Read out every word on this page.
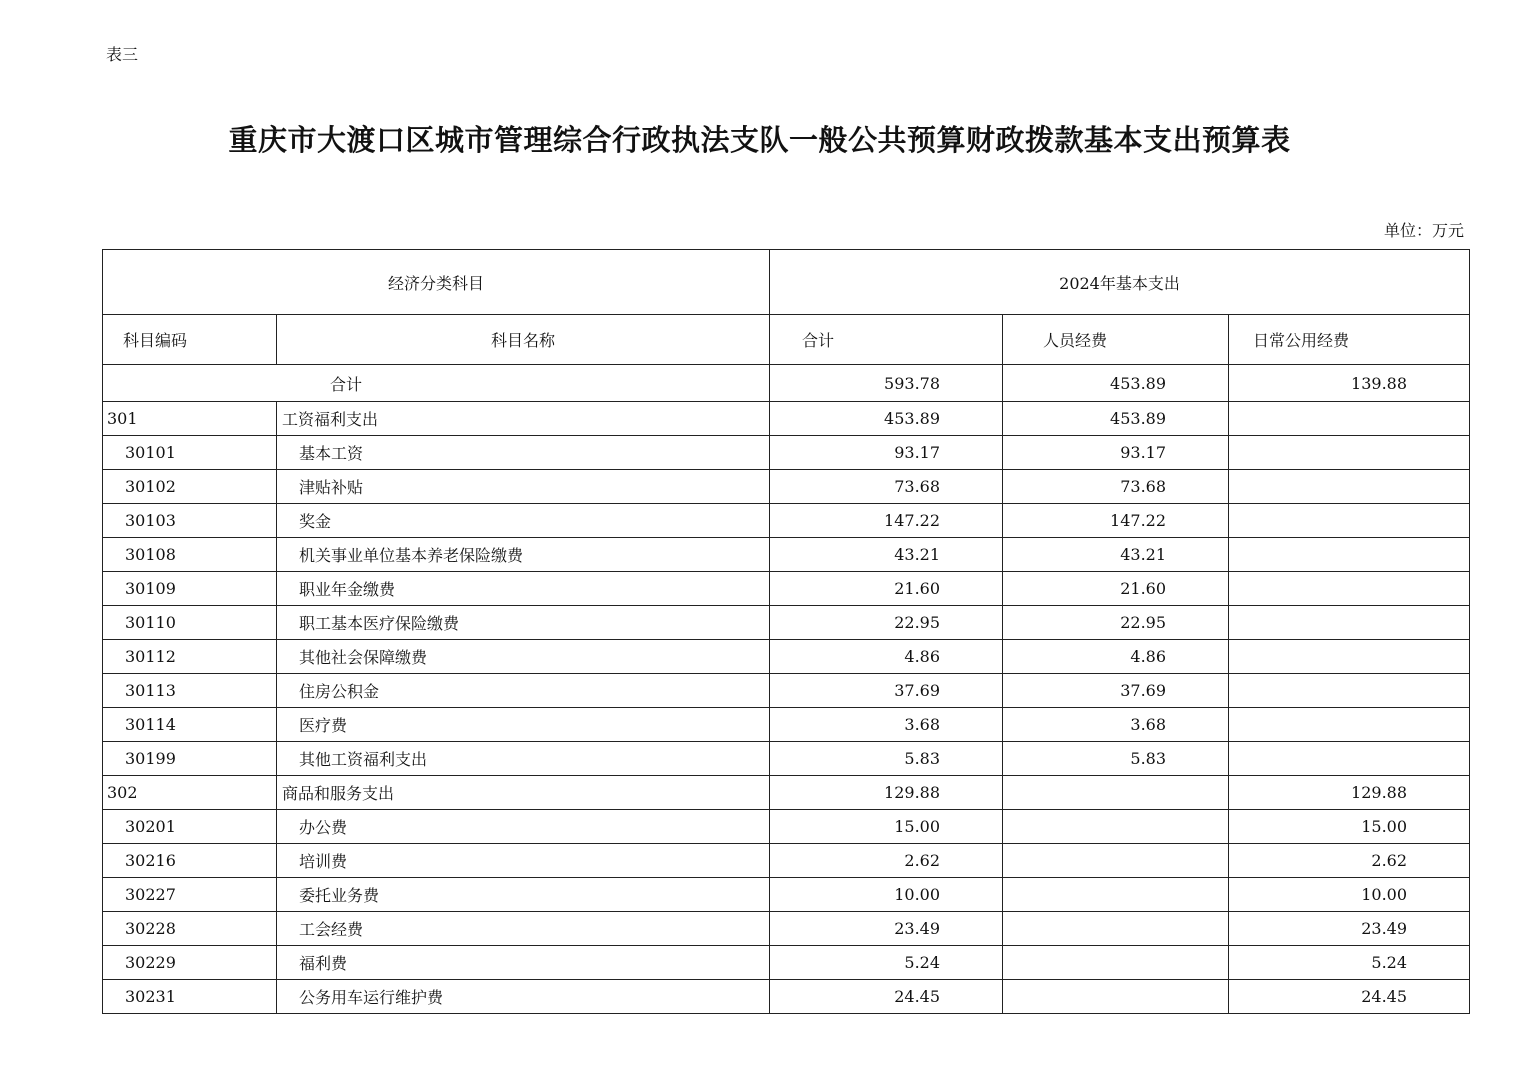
表三
重庆市大渡口区城市管理综合行政执法支队一般公共预算财政拨款基本支出预算表
单位：万元
经济分类科目		2024年基本支出		
科目编码	科目名称	合计	人员经费	日常公用经费
合计		593.78	453.89	139.88
301	工资福利支出	453.89	453.89	
30101	基本工资	93.17	93.17	
30102	津贴补贴	73.68	73.68	
30103	奖金	147.22	147.22	
30108	机关事业单位基本养老保险缴费	43.21	43.21	
30109	职业年金缴费	21.60	21.60	
30110	职工基本医疗保险缴费	22.95	22.95	
30112	其他社会保障缴费	4.86	4.86	
30113	住房公积金	37.69	37.69	
30114	医疗费	3.68	3.68	
30199	其他工资福利支出	5.83	5.83	
302	商品和服务支出	129.88		129.88
30201	办公费	15.00		15.00
30216	培训费	2.62		2.62
30227	委托业务费	10.00		10.00
30228	工会经费	23.49		23.49
30229	福利费	5.24		5.24
30231	公务用车运行维护费	24.45		24.45
